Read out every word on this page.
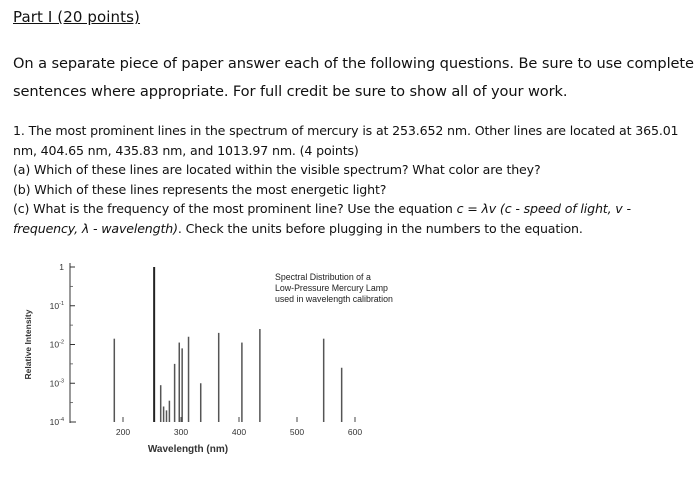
Part I (20 points)
On a separate piece of paper answer each of the following questions. Be sure to use complete
sentences where appropriate. For full credit be sure to show all of your work.
1. The most prominent lines in the spectrum of mercury is at 253.652 nm. Other lines are located at 365.01
nm, 404.65 nm, 435.83 nm, and 1013.97 nm. (4 points)
(a) Which of these lines are located within the visible spectrum? What color are they?
(b) Which of these lines represents the most energetic light?
(c) What is the frequency of the most prominent line? Use the equation c = λv (c - speed of light, v -
frequency, λ - wavelength). Check the units before plugging in the numbers to the equation.
1
$10^{-1}$
$10^{-2}$
$10^{-3}$
$10^{-4}$
200	300	400	500	600
Relative Intensity
Wavelength (nm)
Spectral Distribution of a
Low-Pressure Mercury Lamp
used in wavelength calibration
